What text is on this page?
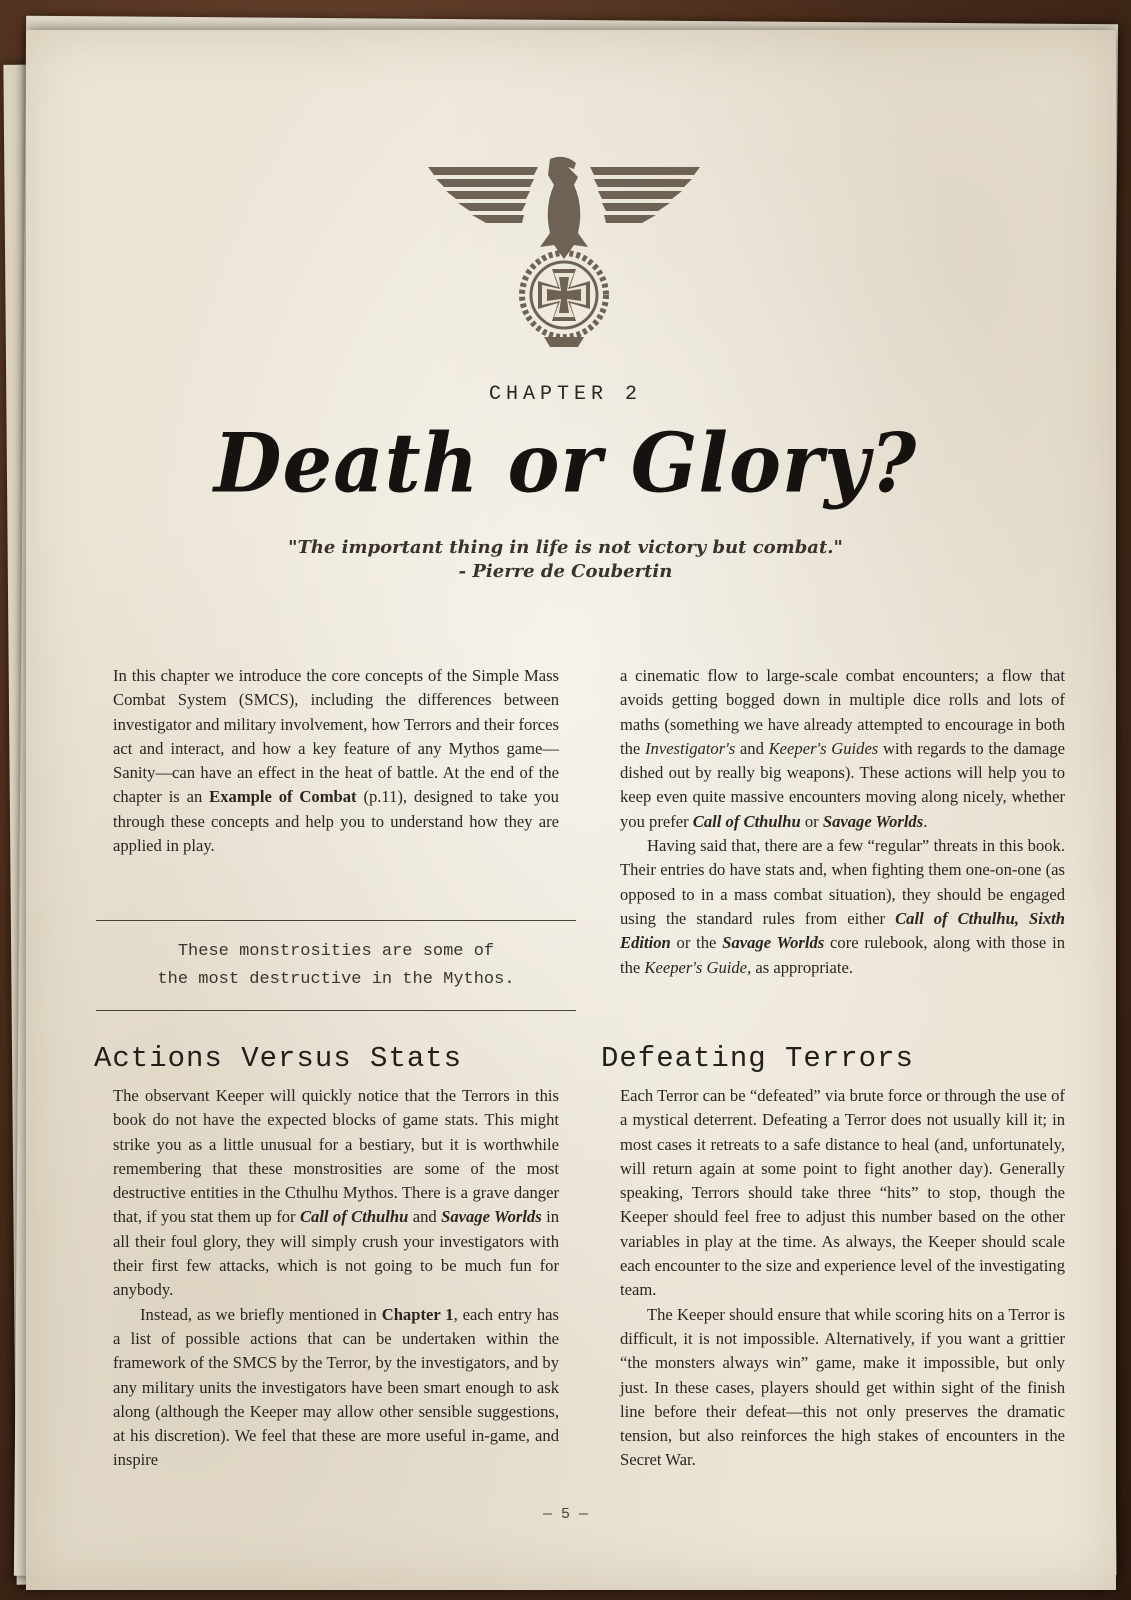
CHAPTER 2
Death or Glory?
"The important thing in life is not victory but combat."
- Pierre de Coubertin

In this chapter we introduce the core concepts of the Simple Mass Combat System (SMCS), including the differences between investigator and military involvement, how Terrors and their forces act and interact, and how a key feature of any Mythos game—Sanity—can have an effect in the heat of battle. At the end of the chapter is an Example of Combat (p.11), designed to take you through these concepts and help you to understand how they are applied in play.

These monstrosities are some of
the most destructive in the Mythos.

a cinematic flow to large-scale combat encounters; a flow that avoids getting bogged down in multiple dice rolls and lots of maths (something we have already attempted to encourage in both the Investigator's and Keeper's Guides with regards to the damage dished out by really big weapons). These actions will help you to keep even quite massive encounters moving along nicely, whether you prefer Call of Cthulhu or Savage Worlds.

Having said that, there are a few “regular” threats in this book. Their entries do have stats and, when fighting them one-on-one (as opposed to in a mass combat situation), they should be engaged using the standard rules from either Call of Cthulhu, Sixth Edition or the Savage Worlds core rulebook, along with those in the Keeper's Guide, as appropriate.

Actions Versus Stats	Defeating Terrors

The observant Keeper will quickly notice that the Terrors in this book do not have the expected blocks of game stats. This might strike you as a little unusual for a bestiary, but it is worthwhile remembering that these monstrosities are some of the most destructive entities in the Cthulhu Mythos. There is a grave danger that, if you stat them up for Call of Cthulhu and Savage Worlds in all their foul glory, they will simply crush your investigators with their first few attacks, which is not going to be much fun for anybody.

Instead, as we briefly mentioned in Chapter 1, each entry has a list of possible actions that can be undertaken within the framework of the SMCS by the Terror, by the investigators, and by any military units the investigators have been smart enough to ask along (although the Keeper may allow other sensible suggestions, at his discretion). We feel that these are more useful in-game, and inspire

Each Terror can be “defeated” via brute force or through the use of a mystical deterrent. Defeating a Terror does not usually kill it; in most cases it retreats to a safe distance to heal (and, unfortunately, will return again at some point to fight another day). Generally speaking, Terrors should take three “hits” to stop, though the Keeper should feel free to adjust this number based on the other variables in play at the time. As always, the Keeper should scale each encounter to the size and experience level of the investigating team.

The Keeper should ensure that while scoring hits on a Terror is difficult, it is not impossible. Alternatively, if you want a grittier “the monsters always win” game, make it impossible, but only just. In these cases, players should get within sight of the finish line before their defeat—this not only preserves the dramatic tension, but also reinforces the high stakes of encounters in the Secret War.

— 5 —
